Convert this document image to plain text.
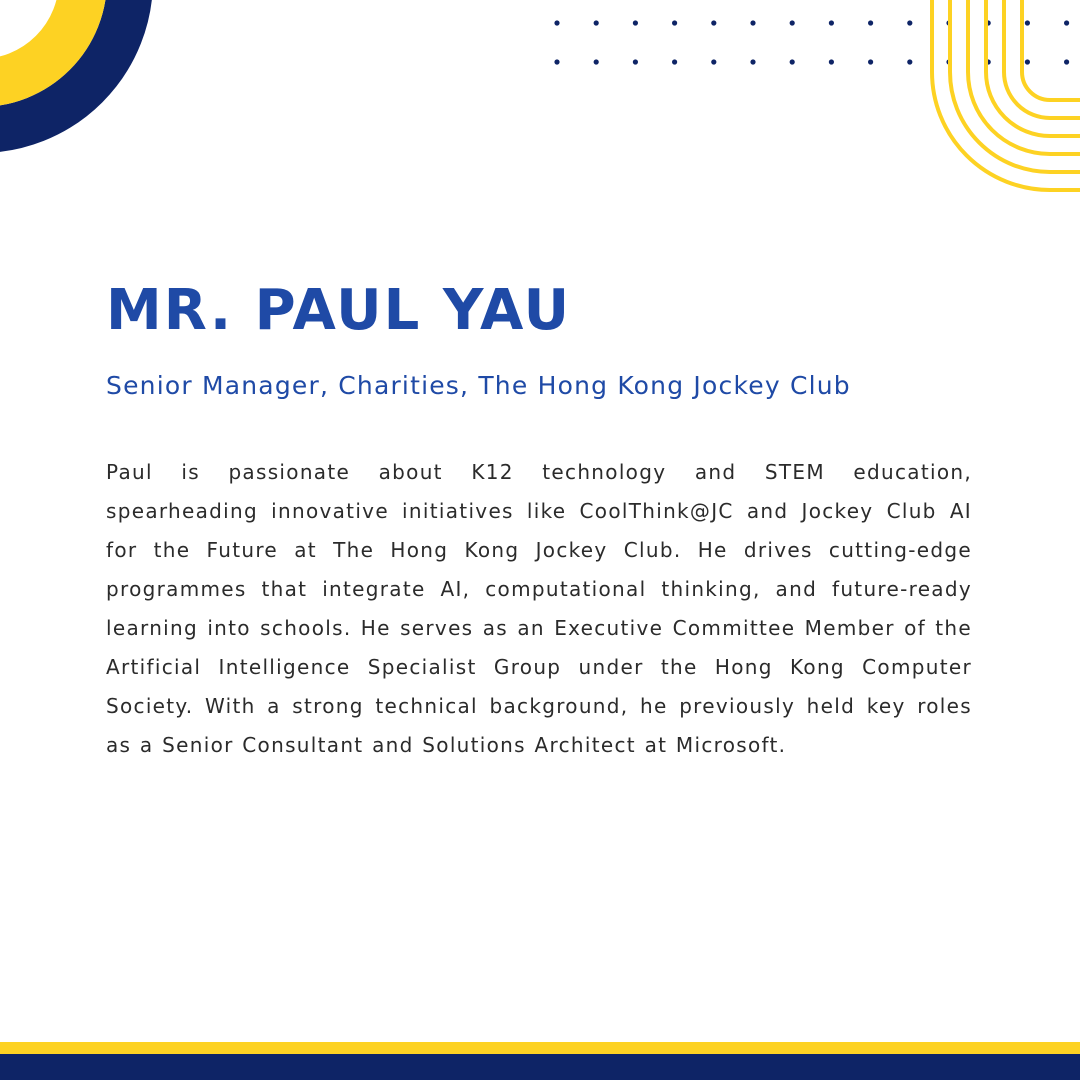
MR. PAUL YAU

Senior Manager, Charities, The Hong Kong Jockey Club

Paul is passionate about K12 technology and STEM education, spearheading innovative initiatives like CoolThink@JC and Jockey Club AI for the Future at The Hong Kong Jockey Club. He drives cutting-edge programmes that integrate AI, computational thinking, and future-ready learning into schools. He serves as an Executive Committee Member of the Artificial Intelligence Specialist Group under the Hong Kong Computer Society. With a strong technical background, he previously held key roles as a Senior Consultant and Solutions Architect at Microsoft.
